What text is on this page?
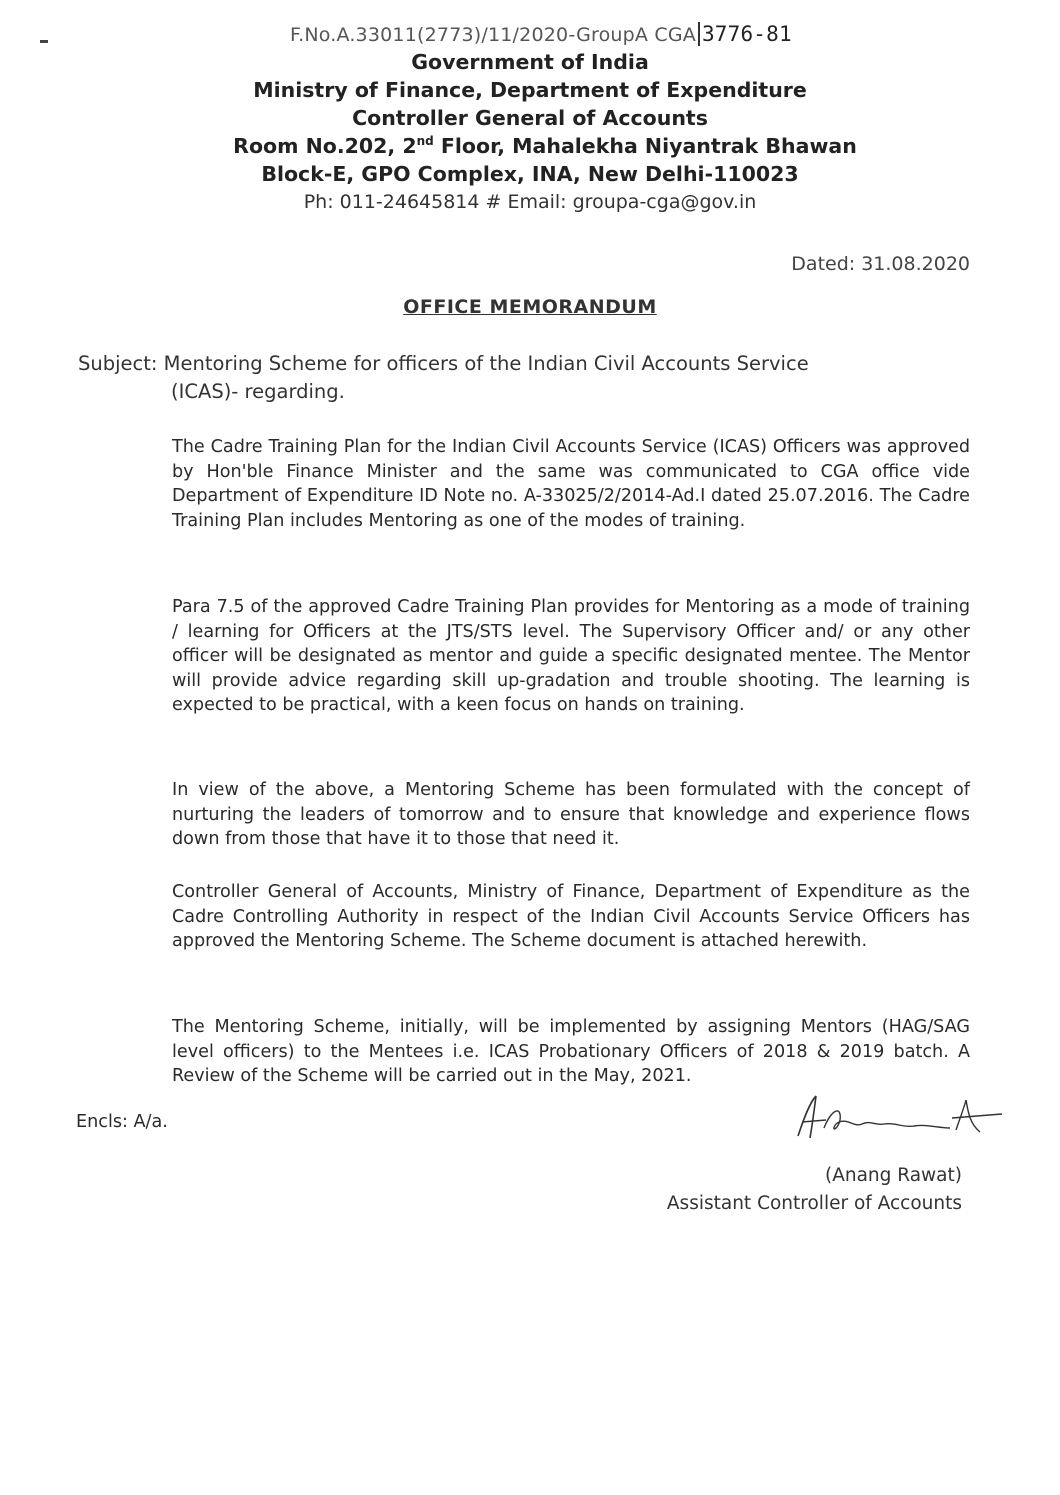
F.No.A.33011(2773)/11/2020-GroupA CGA 3776-81
Government of India
Ministry of Finance, Department of Expenditure
Controller General of Accounts
Room No.202, 2nd Floor, Mahalekha Niyantrak Bhawan
Block-E, GPO Complex, INA, New Delhi-110023
Ph: 011-24645814 # Email: groupa-cga@gov.in
Dated: 31.08.2020
OFFICE MEMORANDUM
Subject: Mentoring Scheme for officers of the Indian Civil Accounts Service
(ICAS)- regarding.
The Cadre Training Plan for the Indian Civil Accounts Service (ICAS) Officers was approved by Hon'ble Finance Minister and the same was communicated to CGA office vide Department of Expenditure ID Note no. A-33025/2/2014-Ad.I dated 25.07.2016. The Cadre Training Plan includes Mentoring as one of the modes of training.
Para 7.5 of the approved Cadre Training Plan provides for Mentoring as a mode of training / learning for Officers at the JTS/STS level. The Supervisory Officer and/ or any other officer will be designated as mentor and guide a specific designated mentee. The Mentor will provide advice regarding skill up-gradation and trouble shooting. The learning is expected to be practical, with a keen focus on hands on training.
In view of the above, a Mentoring Scheme has been formulated with the concept of nurturing the leaders of tomorrow and to ensure that knowledge and experience flows down from those that have it to those that need it.
Controller General of Accounts, Ministry of Finance, Department of Expenditure as the Cadre Controlling Authority in respect of the Indian Civil Accounts Service Officers has approved the Mentoring Scheme. The Scheme document is attached herewith.
The Mentoring Scheme, initially, will be implemented by assigning Mentors (HAG/SAG level officers) to the Mentees i.e. ICAS Probationary Officers of 2018 & 2019 batch. A Review of the Scheme will be carried out in the May, 2021.
Encls: A/a.
(Anang Rawat)
Assistant Controller of Accounts
